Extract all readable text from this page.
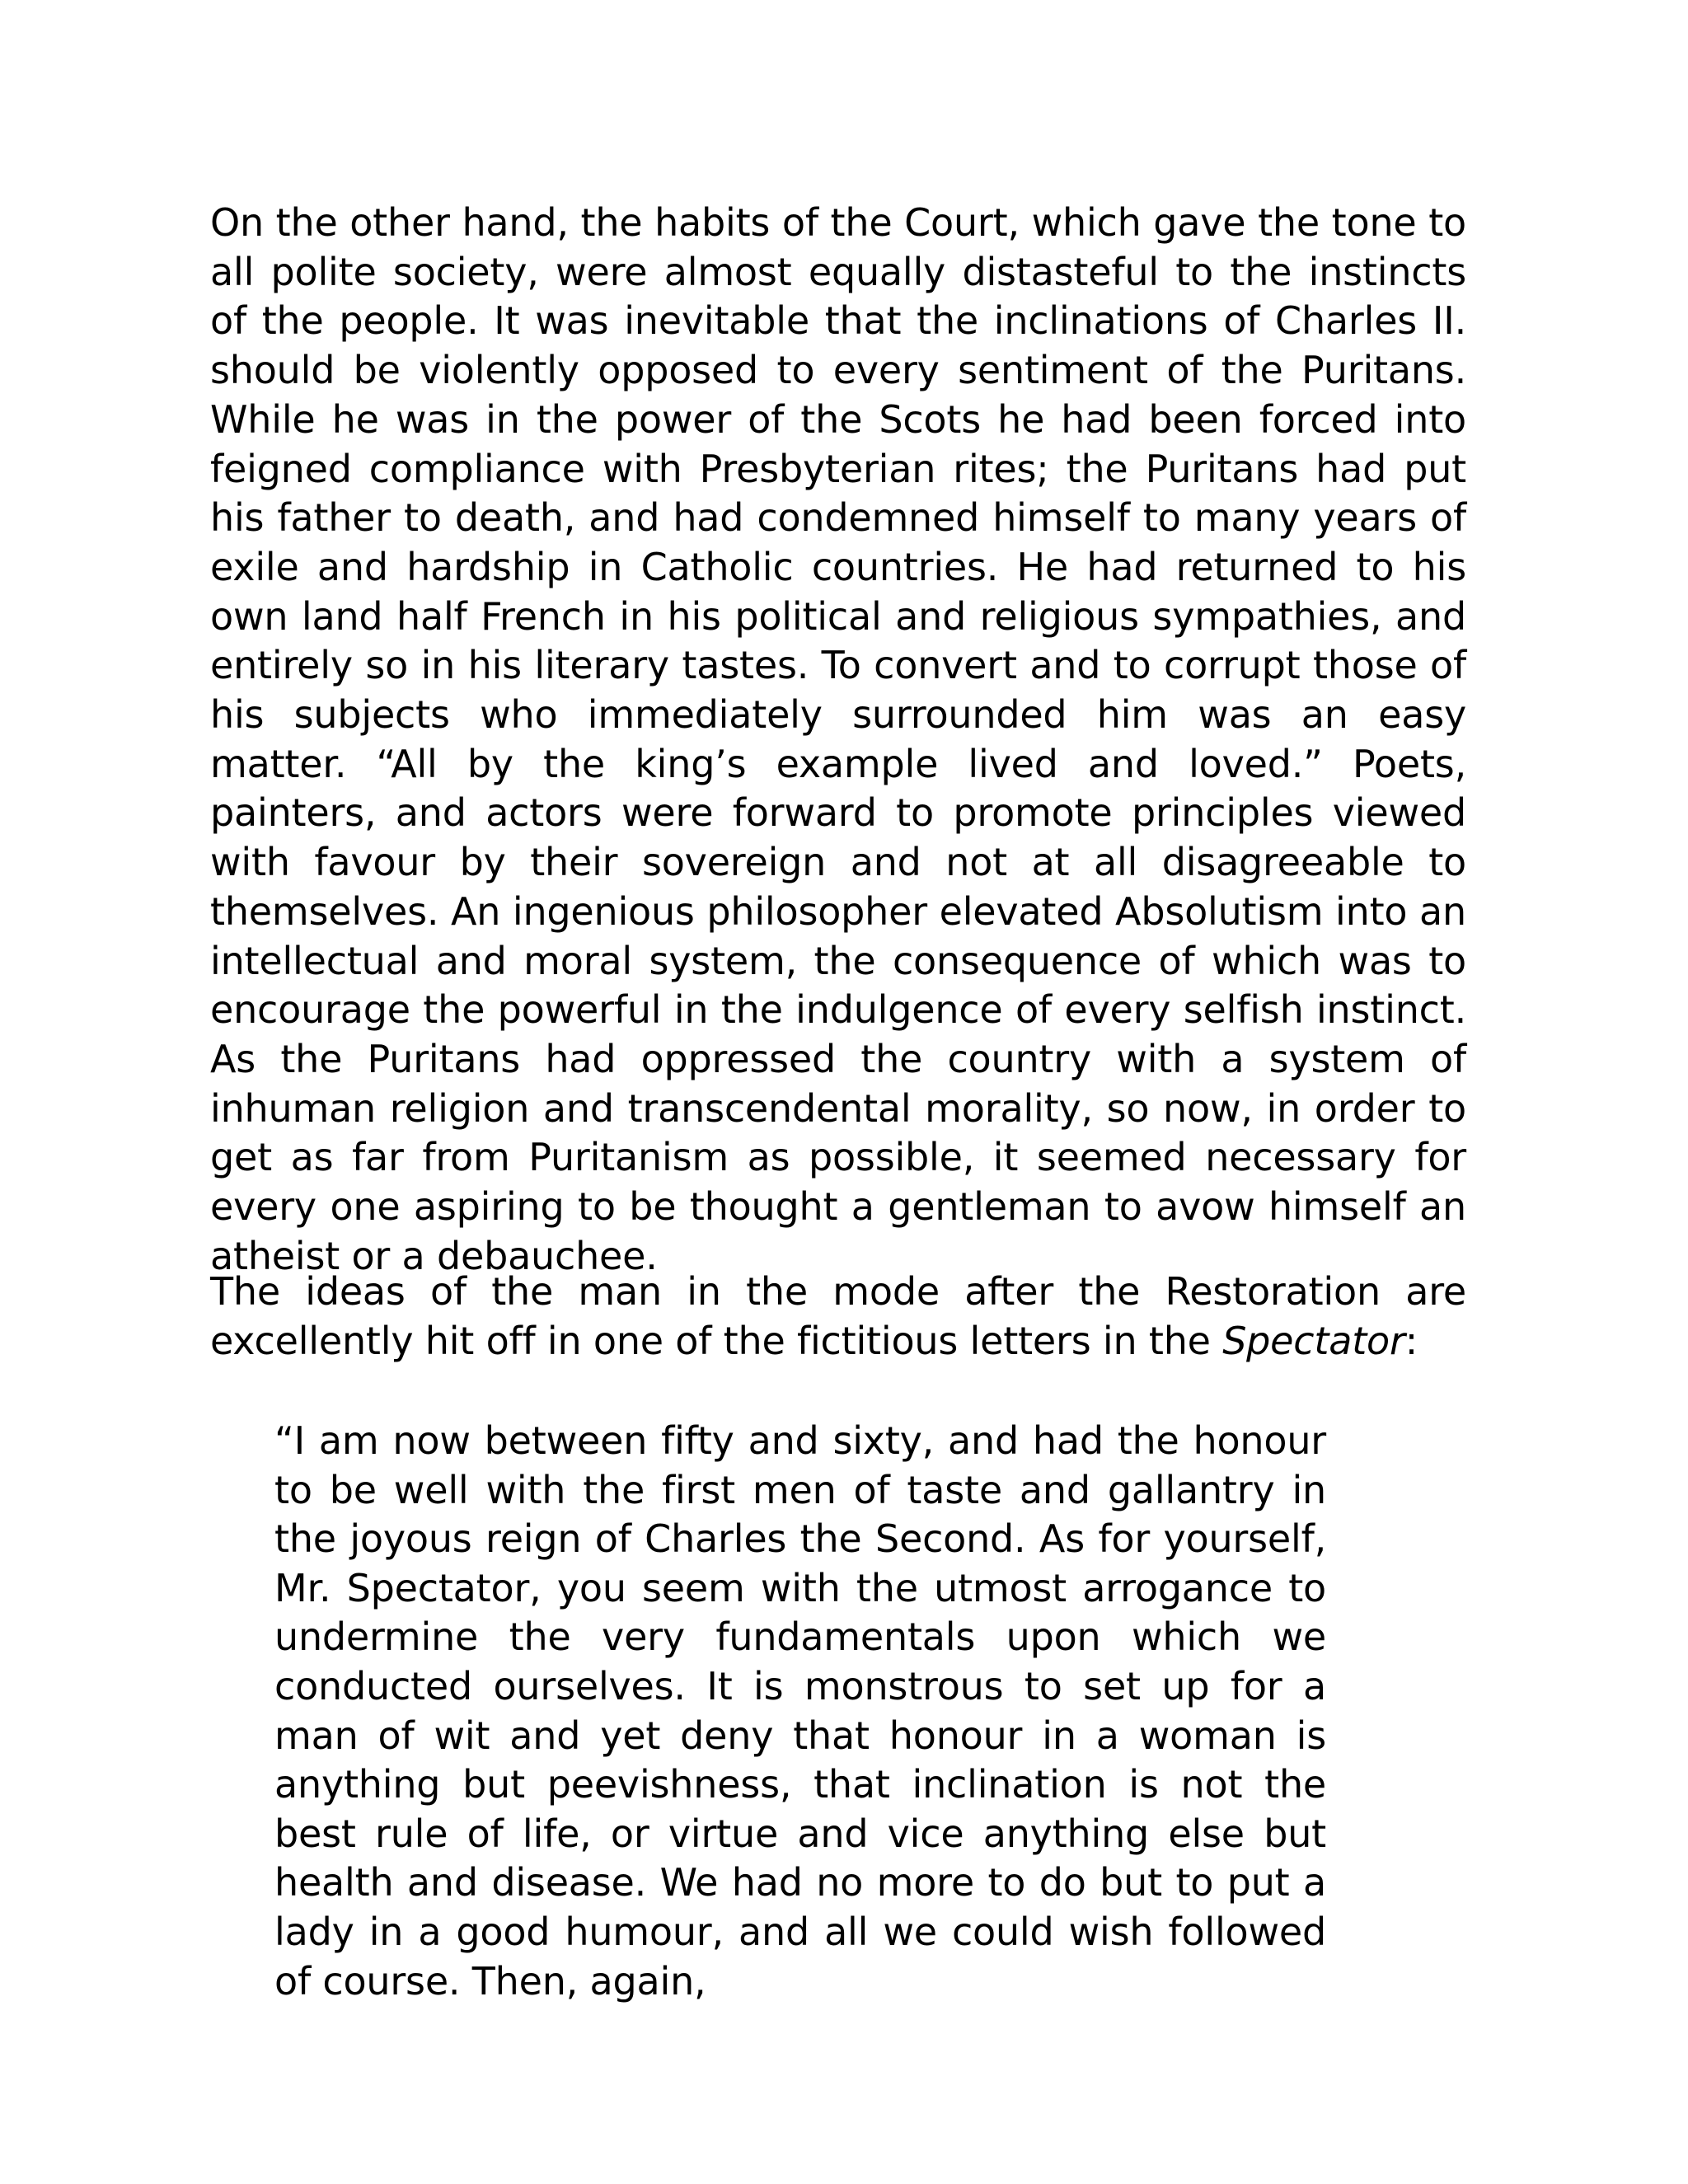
On the other hand, the habits of the Court, which gave the tone to all polite society, were almost equally distasteful to the instincts of the people. It was inevitable that the inclinations of Charles II. should be violently opposed to every sentiment of the Puritans. While he was in the power of the Scots he had been forced into feigned compliance with Presbyterian rites; the Puritans had put his father to death, and had condemned himself to many years of exile and hardship in Catholic countries. He had returned to his own land half French in his political and religious sympathies, and entirely so in his literary tastes. To convert and to corrupt those of his subjects who immediately surrounded him was an easy matter. “All by the king’s example lived and loved.” Poets, painters, and actors were forward to promote principles viewed with favour by their sovereign and not at all disagreeable to themselves. An ingenious philosopher elevated Absolutism into an intellectual and moral system, the consequence of which was to encourage the powerful in the indulgence of every selfish instinct. As the Puritans had oppressed the country with a system of inhuman religion and transcendental morality, so now, in order to get as far from Puritanism as possible, it seemed necessary for every one aspiring to be thought a gentleman to avow himself an atheist or a debauchee.

The ideas of the man in the mode after the Restoration are excellently hit off in one of the fictitious letters in the Spectator:

“I am now between fifty and sixty, and had the honour to be well with the first men of taste and gallantry in the joyous reign of Charles the Second. As for yourself, Mr. Spectator, you seem with the utmost arrogance to undermine the very fundamentals upon which we conducted ourselves. It is monstrous to set up for a man of wit and yet deny that honour in a woman is anything but peevishness, that inclination is not the best rule of life, or virtue and vice anything else but health and disease. We had no more to do but to put a lady in a good humour, and all we could wish followed of course. Then, again,
